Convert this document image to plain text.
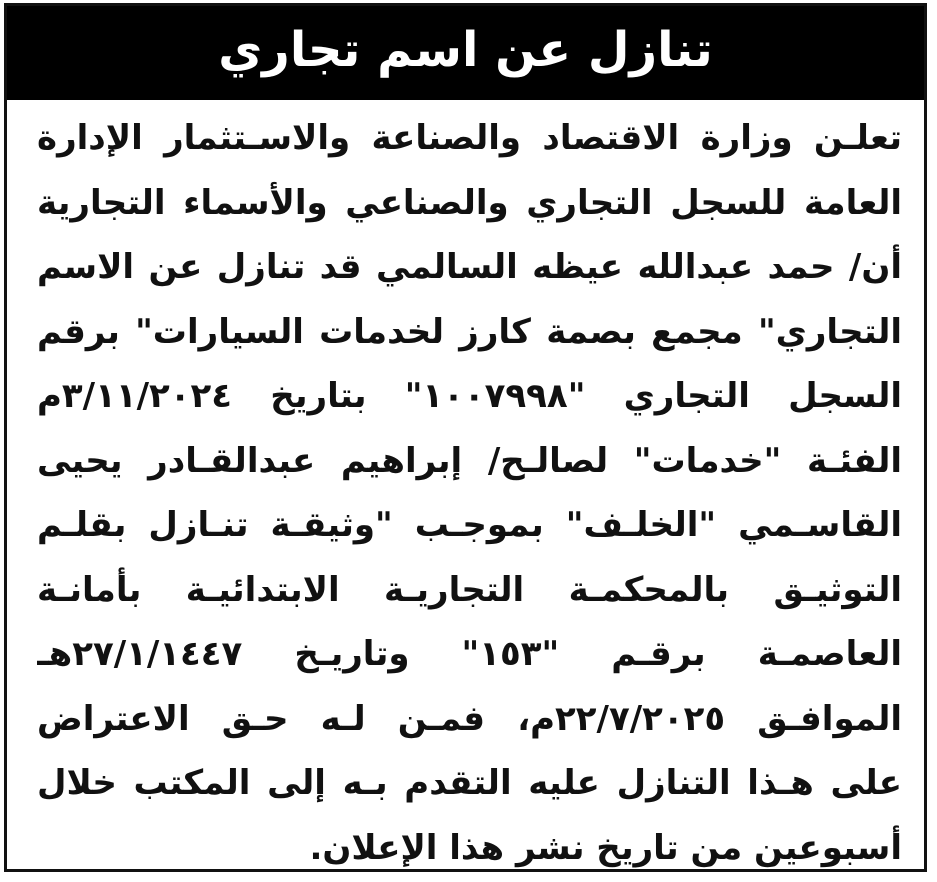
تنازل عن اسم تجاري
تعلـن وزارة الاقتصاد والصناعة والاسـتثمار الإدارة
العامة للسجل التجاري والصناعي والأسماء التجارية
أن/ حمد عبدالله عيظه السالمي قد تنازل عن الاسم
التجاري" مجمع بصمة كارز لخدمات السيارات" برقم
السجل التجاري "١٠٠٧٩٩٨" بتاريخ ٣/١١/٢٠٢٤م
الفئـة "خدمات" لصالـح/ إبراهيم عبدالقـادر يحيى
القاسـمي "الخلـف" بموجـب "وثيقـة تنـازل بقلـم
التوثيـق بالمحكمـة التجاريـة الابتدائيـة بأمانـة
العاصمـة برقـم "١٥٣" وتاريـخ ٢٧/١/١٤٤٧هـ
الموافـق ٢٢/٧/٢٠٢٥م، فمـن لـه حـق الاعتراض
على هـذا التنازل عليه التقدم بـه إلى المكتب خلال
أسبوعين من تاريخ نشر هذا الإعلان.
